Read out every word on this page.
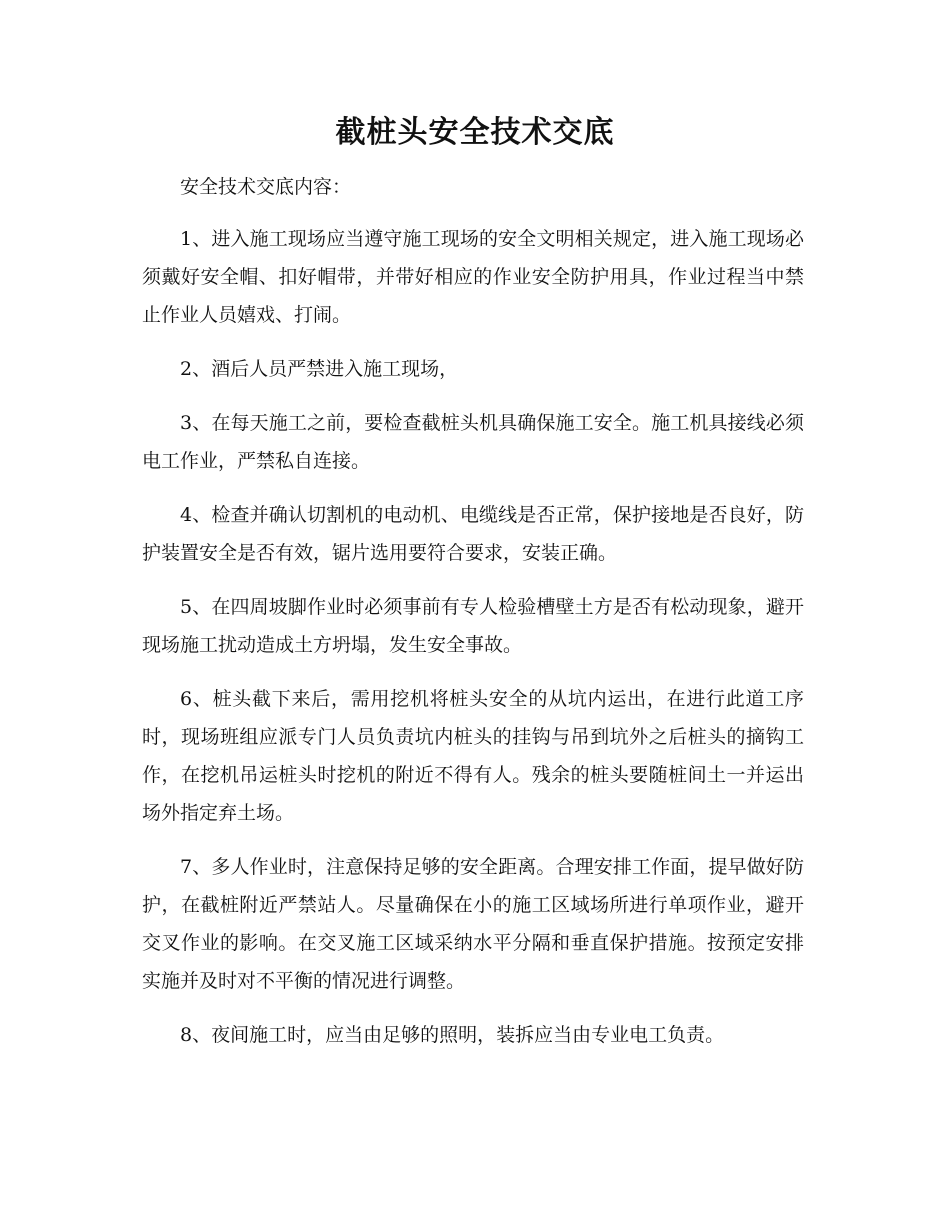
截桩头安全技术交底

安全技术交底内容：

1、进入施工现场应当遵守施工现场的安全文明相关规定，进入施工现场必须戴好安全帽、扣好帽带，并带好相应的作业安全防护用具，作业过程当中禁止作业人员嬉戏、打闹。

2、酒后人员严禁进入施工现场，

3、在每天施工之前，要检查截桩头机具确保施工安全。施工机具接线必须电工作业，严禁私自连接。

4、检查并确认切割机的电动机、电缆线是否正常，保护接地是否良好，防护装置安全是否有效，锯片选用要符合要求，安装正确。

5、在四周坡脚作业时必须事前有专人检验槽壁土方是否有松动现象，避开现场施工扰动造成土方坍塌，发生安全事故。

6、桩头截下来后，需用挖机将桩头安全的从坑内运出，在进行此道工序时，现场班组应派专门人员负责坑内桩头的挂钩与吊到坑外之后桩头的摘钩工作，在挖机吊运桩头时挖机的附近不得有人。残余的桩头要随桩间土一并运出场外指定弃土场。

7、多人作业时，注意保持足够的安全距离。合理安排工作面，提早做好防护，在截桩附近严禁站人。尽量确保在小的施工区域场所进行单项作业，避开交叉作业的影响。在交叉施工区域采纳水平分隔和垂直保护措施。按预定安排实施并及时对不平衡的情况进行调整。

8、夜间施工时，应当由足够的照明，装拆应当由专业电工负责。
